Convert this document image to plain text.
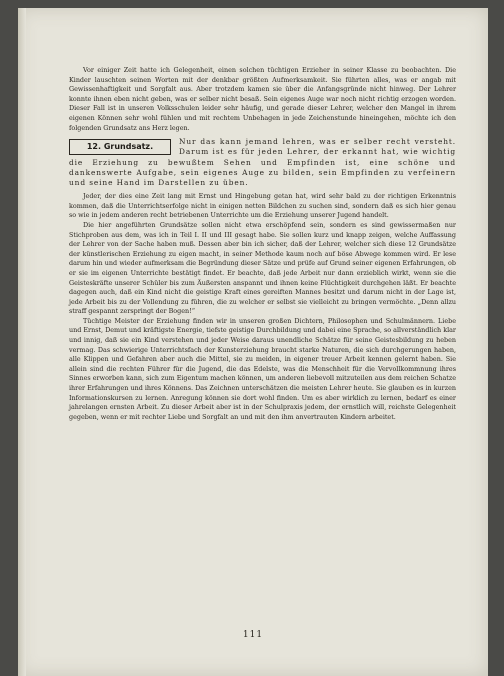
Vor einiger Zeit hatte ich Gelegenheit, einen solchen tüchtigen Erzieher in seiner Klasse zu beobachten. Die Kinder lauschten seinen Worten mit der denkbar größten Aufmerksamkeit. Sie führten alles, was er angab mit Gewissenhaftigkeit und Sorgfalt aus. Aber trotzdem kamen sie über die Anfangsgründe nicht hinweg. Der Lehrer konnte ihnen eben nicht geben, was er selber nicht besaß. Sein eigenes Auge war noch nicht richtig erzogen worden. Dieser Fall ist in unseren Volksschulen leider sehr häufig, und gerade dieser Lehrer, welcher den Mangel in ihrem eigenen Können sehr wohl fühlen und mit rechtem Unbehagen in jede Zeichenstunde hineingehen, möchte ich den folgenden Grundsatz ans Herz legen.

12. Grundsatz.

Nur das kann jemand lehren, was er selber recht versteht. Darum ist es für jeden Lehrer, der erkannt hat, wie wichtig die Erziehung zu bewußtem Sehen und Empfinden ist, eine schöne und dankenswerte Aufgabe, sein eigenes Auge zu bilden, sein Empfinden zu verfeinern und seine Hand im Darstellen zu üben.

Jeder, der dies eine Zeit lang mit Ernst und Hingebung getan hat, wird sehr bald zu der richtigen Erkenntnis kommen, daß die Unterrichtserfolge nicht in einigen netten Bildchen zu suchen sind, sondern daß es sich hier genau so wie in jedem anderen recht betriebenen Unterrichte um die Erziehung unserer Jugend handelt.

Die hier angeführten Grundsätze sollen nicht etwa erschöpfend sein, sondern es sind gewissermaßen nur Stichproben aus dem, was ich in Teil I. II und III gesagt habe. Sie sollen kurz und knapp zeigen, welche Auffassung der Lehrer von der Sache haben muß. Dessen aber bin ich sicher, daß der Lehrer, welcher sich diese 12 Grundsätze der künstlerischen Erziehung zu eigen macht, in seiner Methode kaum noch auf böse Abwege kommen wird. Er lese darum hin und wieder aufmerksam die Begründung dieser Sätze und prüfe auf Grund seiner eigenen Erfahrungen, ob er sie im eigenen Unterrichte bestätigt findet. Er beachte, daß jede Arbeit nur dann erzieblich wirkt, wenn sie die Geisteskräfte unserer Schüler bis zum Äußersten anspannt und ihnen keine Flüchtigkeit durchgehen läßt. Er beachte dagegen auch, daß ein Kind nicht die geistige Kraft eines gereiften Mannes besitzt und darum nicht in der Lage ist, jede Arbeit bis zu der Vollendung zu führen, die zu welcher er selbst sie vielleicht zu bringen vermöchte. „Denn allzu straff gespannt zerspringt der Bogen!“

Tüchtige Meister der Erziehung finden wir in unseren großen Dichtern, Philosophen und Schulmännern. Liebe und Ernst, Demut und kräftigste Energie, tiefste geistige Durchbildung und dabei eine Sprache, so allverständlich klar und innig, daß sie ein Kind verstehen und jeder Weise daraus unendliche Schätze für seine Geistesbildung zu heben vermag. Das schwierige Unterrichtsfach der Kunsterziehung braucht starke Naturen, die sich durchgerungen haben, alle Klippen und Gefahren aber auch die Mittel, sie zu meiden, in eigener treuer Arbeit kennen gelernt haben. Sie allein sind die rechten Führer für die Jugend, die das Edelste, was die Menschheit für die Vervollkommnung ihres Sinnes erworben kann, sich zum Eigentum machen können, um anderen liebevoll mitzuteilen aus dem reichen Schatze ihrer Erfahrungen und ihres Könnens. Das Zeichnen unterschätzen die meisten Lehrer heute. Sie glauben es in kurzen Informationskursen zu lernen. Anregung können sie dort wohl finden. Um es aber wirklich zu lernen, bedarf es einer jahrelangen ernsten Arbeit. Zu dieser Arbeit aber ist in der Schulpraxis jedem, der ernstlich will, reichste Gelegenheit gegeben, wenn er mit rechter Liebe und Sorgfalt an und mit den ihm anvertrauten Kindern arbeitet.

111
